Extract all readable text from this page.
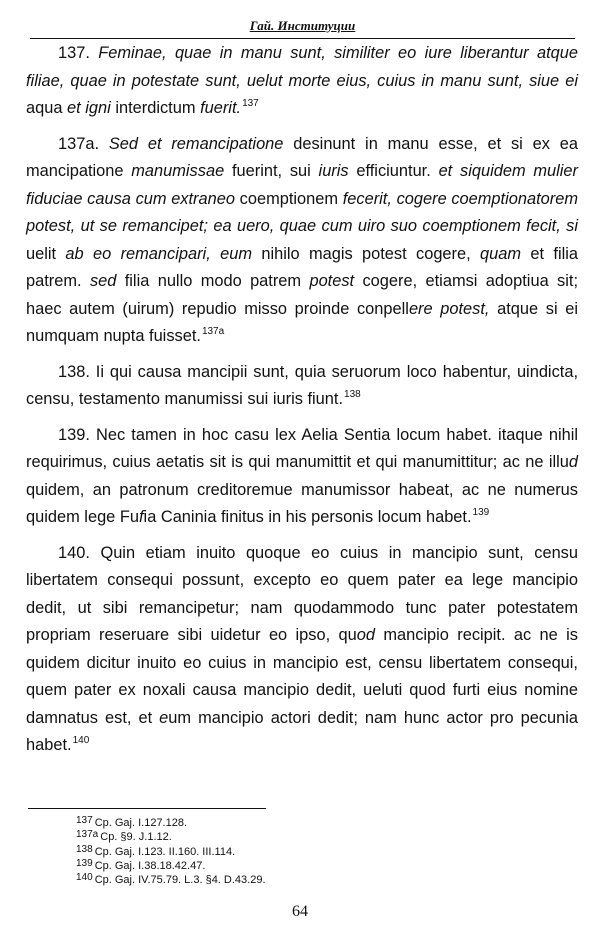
Гай. Институции

137. Feminae, quae in manu sunt, similiter eo iure liberantur atque filiae, quae in potestate sunt, uelut morte eius, cuius in manu sunt, siue ei aqua et igni interdictum fuerit.$^{137}$

137a. Sed et remancipatione desinunt in manu esse, et si ex ea mancipatione manumissae fuerint, sui iuris efficiuntur. et siquidem mulier fiduciae causa cum extraneo coemptionem fecerit, cogere coemptionatorem potest, ut se remancipet; ea uero, quae cum uiro suo coemptionem fecit, si uelit ab eo remancipari, eum nihilo magis potest cogere, quam et filia patrem. sed filia nullo modo patrem potest cogere, etiamsi adoptiua sit; haec autem (uirum) repudio misso proinde conpellere potest, atque si ei numquam nupta fuisset.$^{137a}$

138. Ii qui causa mancipii sunt, quia seruorum loco habentur, uindicta, censu, testamento manumissi sui iuris fiunt.$^{138}$

139. Nec tamen in hoc casu lex Aelia Sentia locum habet. itaque nihil requirimus, cuius aetatis sit is qui manumittit et qui manumittitur; ac ne illud quidem, an patronum creditoremue manumissor habeat, ac ne numerus quidem lege Fufia Caninia finitus in his personis locum habet.$^{139}$

140. Quin etiam inuito quoque eo cuius in mancipio sunt, censu libertatem consequi possunt, excepto eo quem pater ea lege mancipio dedit, ut sibi remancipetur; nam quodammodo tunc pater potestatem propriam reseruare sibi uidetur eo ipso, quod mancipio recipit. ac ne is quidem dicitur inuito eo cuius in mancipio est, censu libertatem consequi, quem pater ex noxali causa mancipio dedit, ueluti quod furti eius nomine damnatus est, et eum mancipio actori dedit; nam hunc actor pro pecunia habet.$^{140}$

$^{137}$ Cp. Gaj. I.127.128.
$^{137a}$ Cp. §9. J.1.12.
$^{138}$ Cp. Gaj. I.123. II.160. III.114.
$^{139}$ Cp. Gaj. I.38.18.42.47.
$^{140}$ Cp. Gaj. IV.75.79. L.3. §4. D.43.29.
64
